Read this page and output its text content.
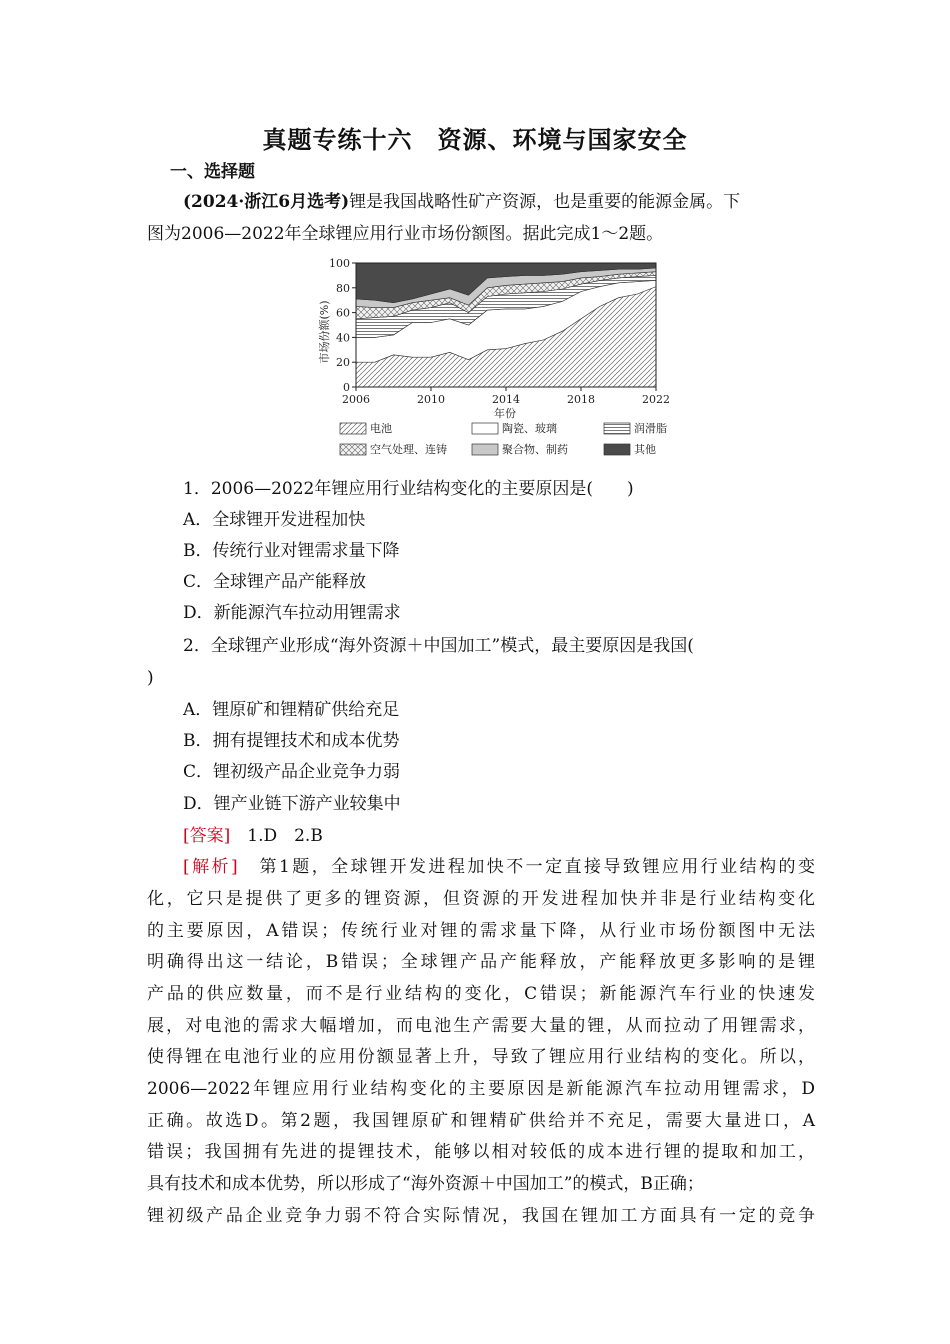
真题专练十六　资源、环境与国家安全
一、选择题
(2024·浙江6月选考)锂是我国战略性矿产资源，也是重要的能源金属。下
图为2006—2022年全球锂应用行业市场份额图。据此完成1～2题。
0
20
40
60
80
100
2006	2010	2014	2018	2022
市场份额(%)
年份
电池	陶瓷、玻璃	润滑脂
空气处理、连铸	聚合物、制药	其他
1．2006—2022年锂应用行业结构变化的主要原因是(　　)
A．全球锂开发进程加快
B．传统行业对锂需求量下降
C．全球锂产品产能释放
D．新能源汽车拉动用锂需求
2．全球锂产业形成“海外资源＋中国加工”模式，最主要原因是我国(
)
A．锂原矿和锂精矿供给充足
B．拥有提锂技术和成本优势
C．锂初级产品企业竞争力弱
D．锂产业链下游产业较集中
[答案]　 1.D　2.B
[解析]　 第1题，全球锂开发进程加快不一定直接导致锂应用行业结构的变
化，它只是提供了更多的锂资源，但资源的开发进程加快并非是行业结构变化
的主要原因，A错误；传统行业对锂的需求量下降，从行业市场份额图中无法
明确得出这一结论，B错误；全球锂产品产能释放，产能释放更多影响的是锂
产品的供应数量，而不是行业结构的变化，C错误；新能源汽车行业的快速发
展，对电池的需求大幅增加，而电池生产需要大量的锂，从而拉动了用锂需求，
使得锂在电池行业的应用份额显著上升，导致了锂应用行业结构的变化。所以，
2006—2022年锂应用行业结构变化的主要原因是新能源汽车拉动用锂需求，D
正确。故选D。第2题，我国锂原矿和锂精矿供给并不充足，需要大量进口，A
错误；我国拥有先进的提锂技术，能够以相对较低的成本进行锂的提取和加工，
具有技术和成本优势，所以形成了“海外资源＋中国加工”的模式，B正确；
锂初级产品企业竞争力弱不符合实际情况，我国在锂加工方面具有一定的竞争
